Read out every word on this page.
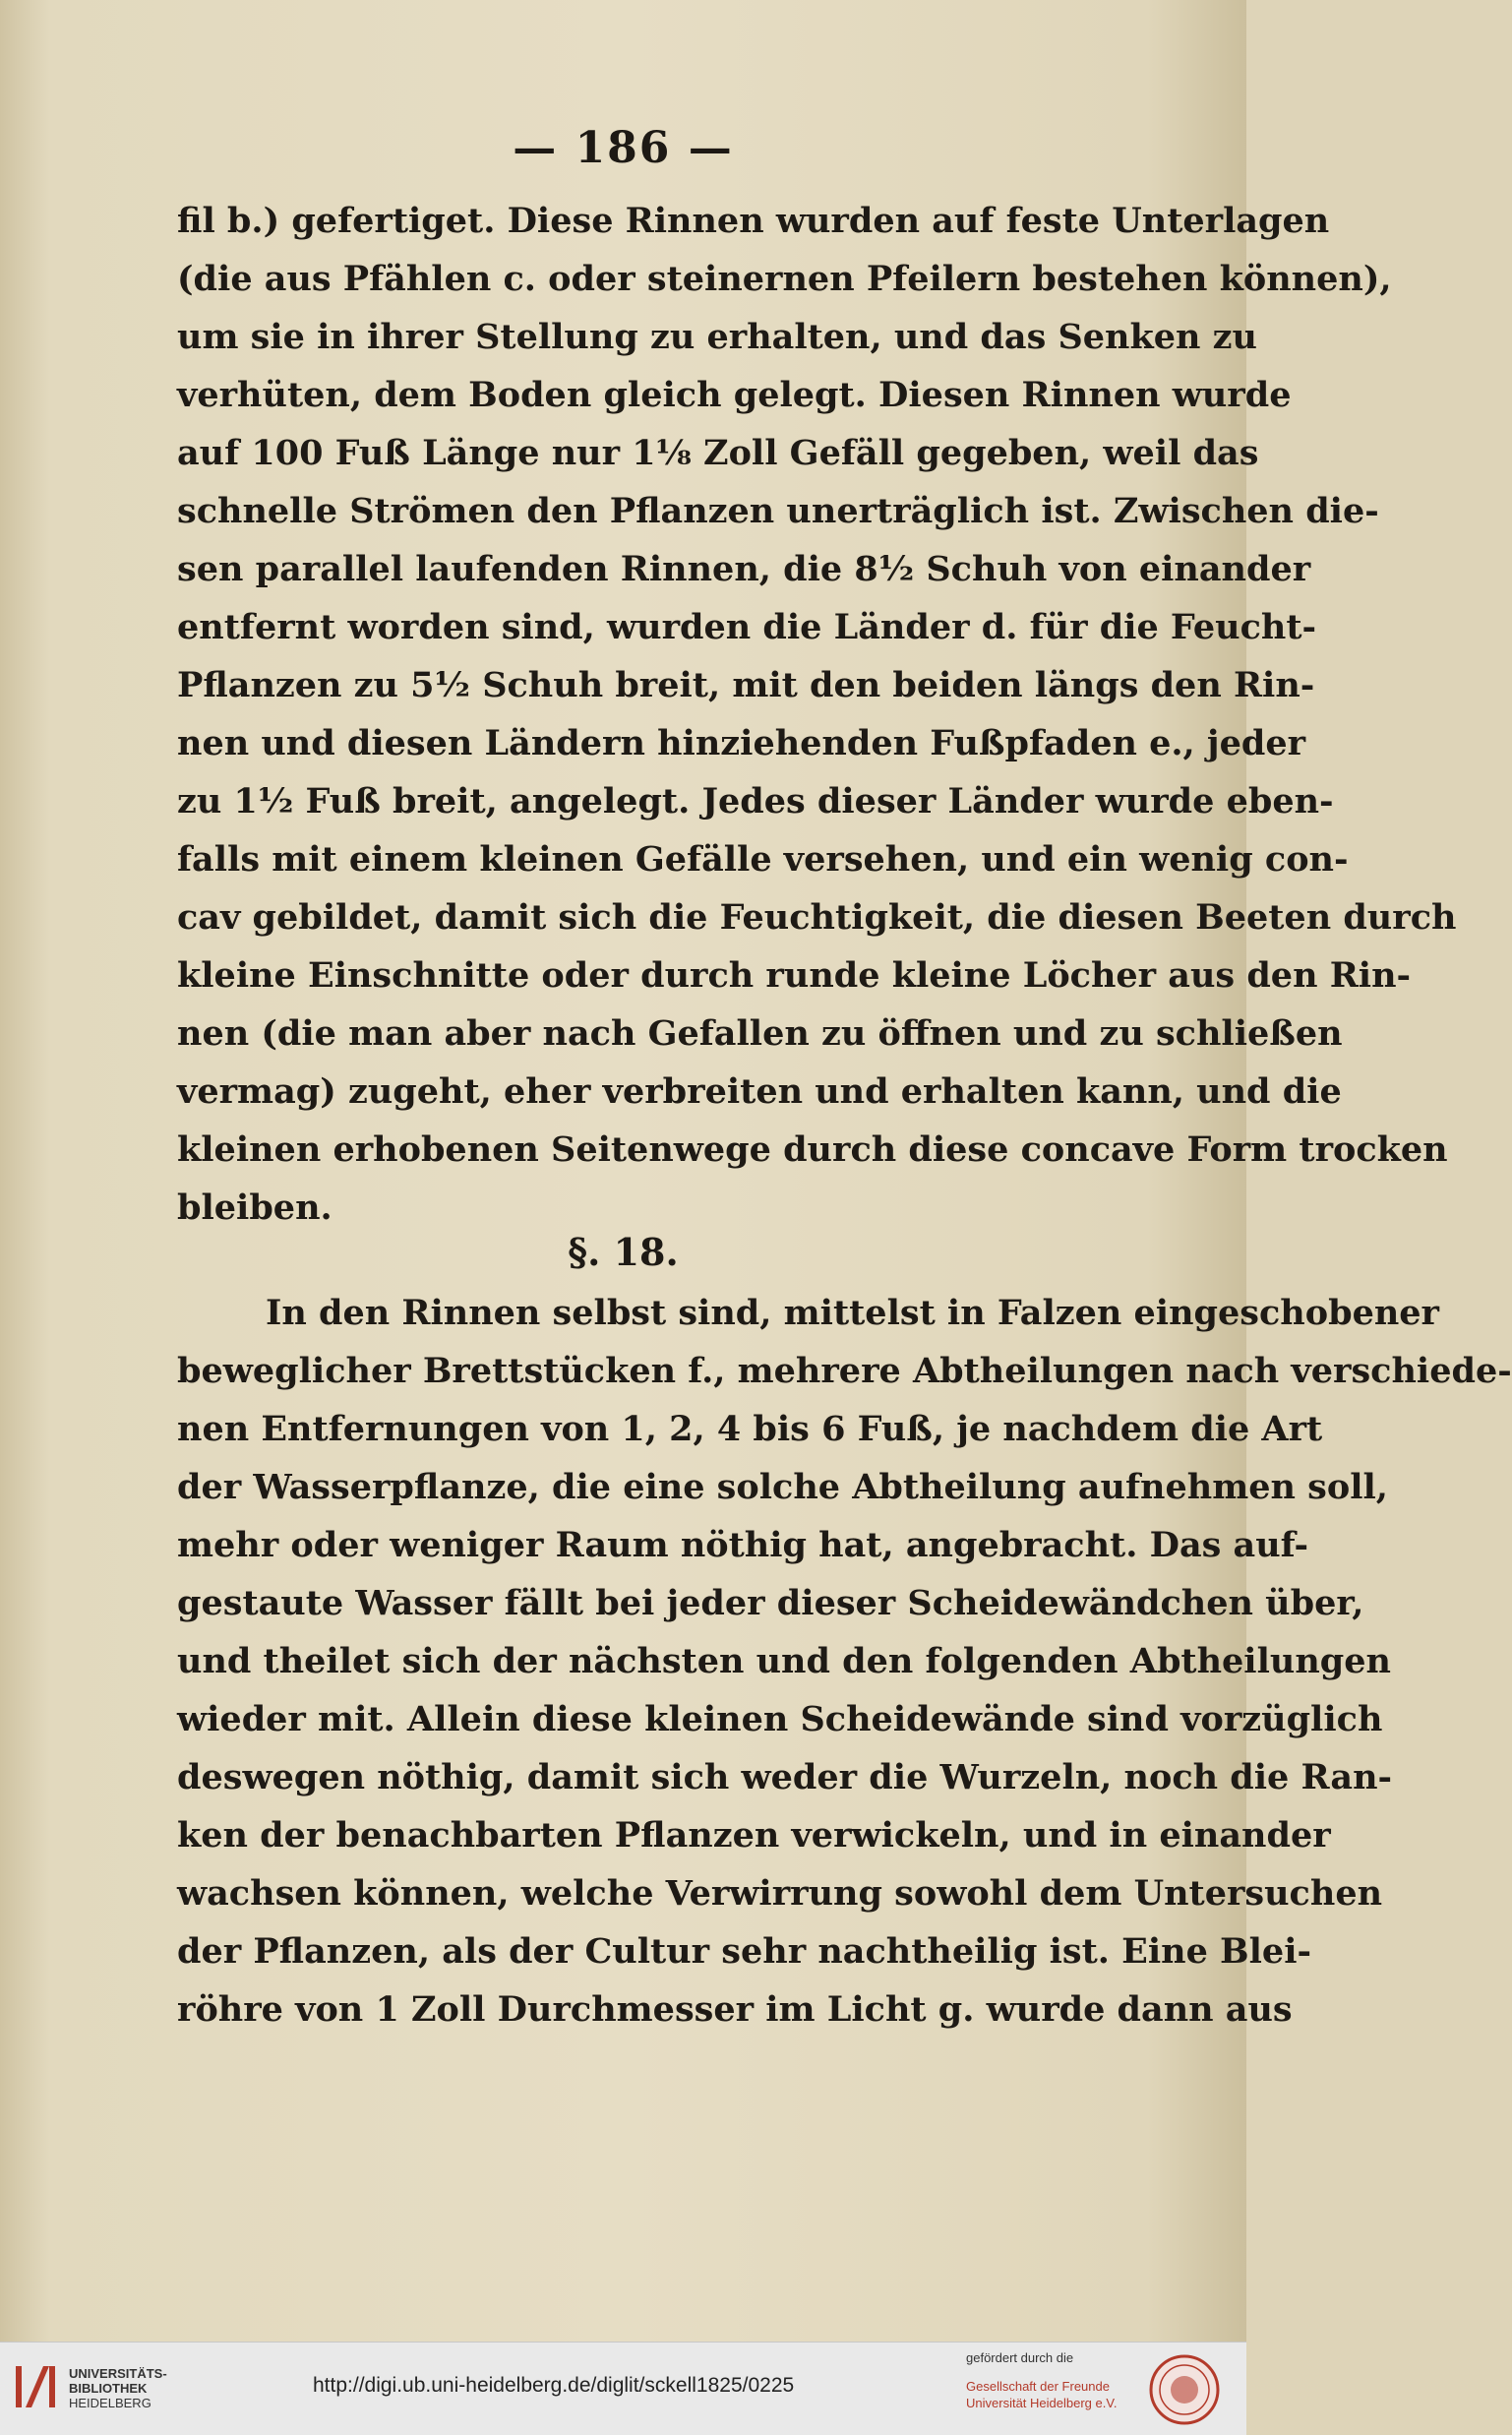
— 186 —
fil b.) gefertiget. Diese Rinnen wurden auf feste Unterlagen
(die aus Pfählen c. oder steinernen Pfeilern bestehen können),
um sie in ihrer Stellung zu erhalten, und das Senken zu
verhüten, dem Boden gleich gelegt. Diesen Rinnen wurde
auf 100 Fuß Länge nur 1⅛ Zoll Gefäll gegeben, weil das
schnelle Strömen den Pflanzen unerträglich ist. Zwischen die-
sen parallel laufenden Rinnen, die 8½ Schuh von einander
entfernt worden sind, wurden die Länder d. für die Feucht-
Pflanzen zu 5½ Schuh breit, mit den beiden längs den Rin-
nen und diesen Ländern hinziehenden Fußpfaden e., jeder
zu 1½ Fuß breit, angelegt. Jedes dieser Länder wurde eben-
falls mit einem kleinen Gefälle versehen, und ein wenig con-
cav gebildet, damit sich die Feuchtigkeit, die diesen Beeten durch
kleine Einschnitte oder durch runde kleine Löcher aus den Rin-
nen (die man aber nach Gefallen zu öffnen und zu schließen
vermag) zugeht, eher verbreiten und erhalten kann, und die
kleinen erhobenen Seitenwege durch diese concave Form trocken
bleiben.
§. 18.
In den Rinnen selbst sind, mittelst in Falzen eingeschobener
beweglicher Brettstücken f., mehrere Abtheilungen nach verschiede-
nen Entfernungen von 1, 2, 4 bis 6 Fuß, je nachdem die Art
der Wasserpflanze, die eine solche Abtheilung aufnehmen soll,
mehr oder weniger Raum nöthig hat, angebracht. Das auf-
gestaute Wasser fällt bei jeder dieser Scheidewändchen über,
und theilet sich der nächsten und den folgenden Abtheilungen
wieder mit. Allein diese kleinen Scheidewände sind vorzüglich
deswegen nöthig, damit sich weder die Wurzeln, noch die Ran-
ken der benachbarten Pflanzen verwickeln, und in einander
wachsen können, welche Verwirrung sowohl dem Untersuchen
der Pflanzen, als der Cultur sehr nachtheilig ist. Eine Blei-
röhre von 1 Zoll Durchmesser im Licht g. wurde dann aus
UNIVERSITÄTS-
BIBLIOTHEK
HEIDELBERG
http://digi.ub.uni-heidelberg.de/diglit/sckell1825/0225
gefördert durch die
Gesellschaft der Freunde
Universität Heidelberg e.V.
